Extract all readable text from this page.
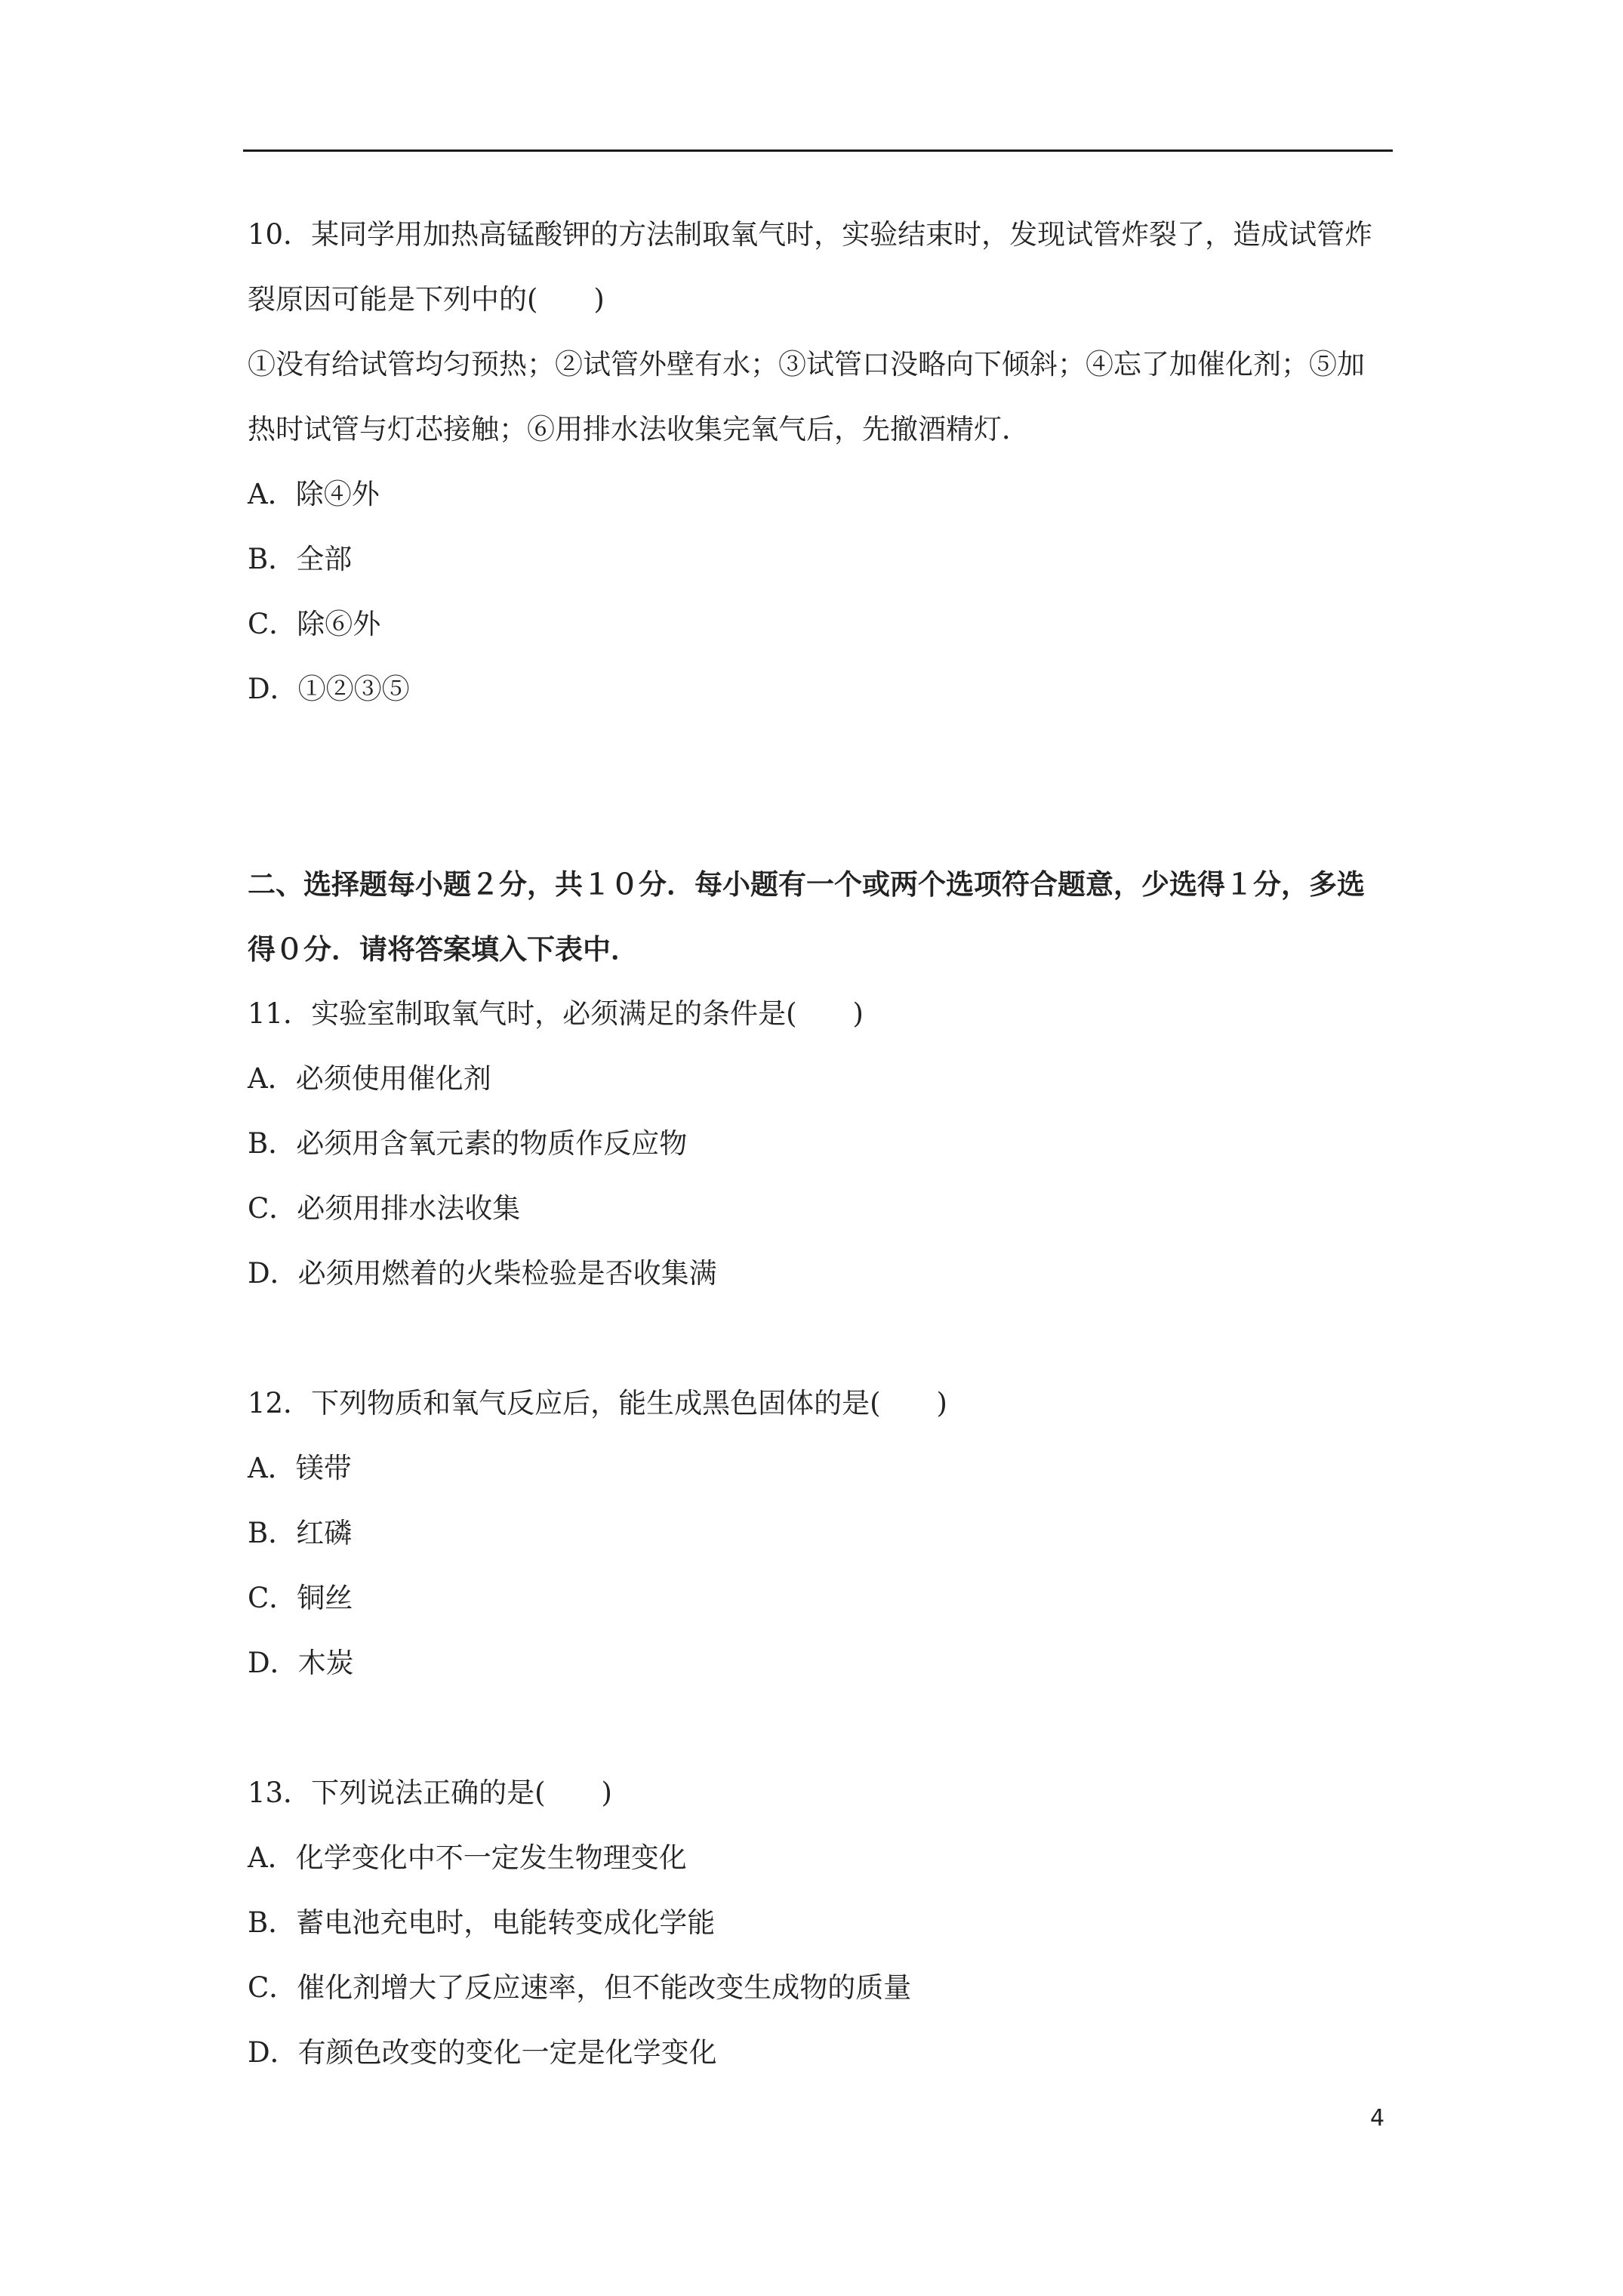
10．某同学用加热高锰酸钾的方法制取氧气时，实验结束时，发现试管炸裂了，造成试管炸
裂原因可能是下列中的(　　)
①没有给试管均匀预热；②试管外壁有水；③试管口没略向下倾斜；④忘了加催化剂；⑤加
热时试管与灯芯接触；⑥用排水法收集完氧气后，先撤酒精灯．
A．除④外
B．全部
C．除⑥外
D．①②③⑤
二、选择题每小题２分，共１０分．每小题有一个或两个选项符合题意，少选得１分，多选
得０分．请将答案填入下表中．
11．实验室制取氧气时，必须满足的条件是(　　)
A．必须使用催化剂
B．必须用含氧元素的物质作反应物
C．必须用排水法收集
D．必须用燃着的火柴检验是否收集满
12．下列物质和氧气反应后，能生成黑色固体的是(　　)
A．镁带
B．红磷
C．铜丝
D．木炭
13．下列说法正确的是(　　)
A．化学变化中不一定发生物理变化
B．蓄电池充电时，电能转变成化学能
C．催化剂增大了反应速率，但不能改变生成物的质量
D．有颜色改变的变化一定是化学变化
4
